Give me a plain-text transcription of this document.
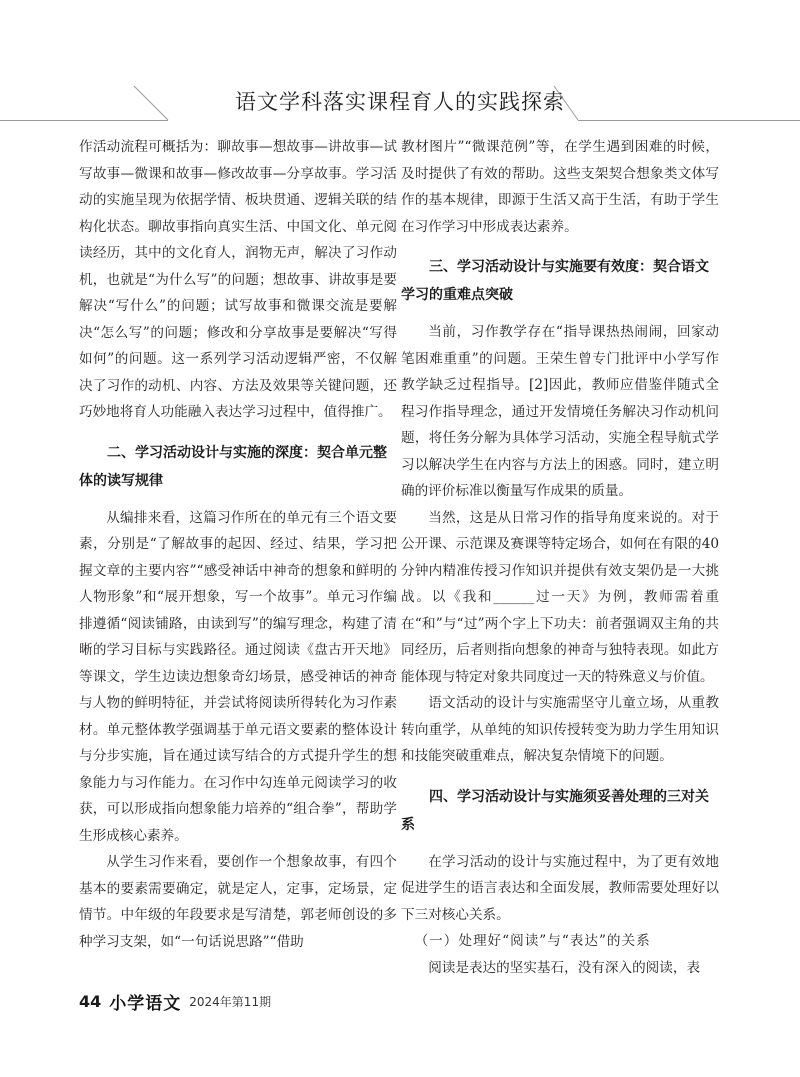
语文学科落实课程育人的实践探索

作活动流程可概括为：聊故事—想故事—讲故事—试写故事—微课和故事—修改故事—分享故事。学习活动的实施呈现为依据学情、板块贯通、逻辑关联的结构化状态。聊故事指向真实生活、中国文化、单元阅读经历，其中的文化育人，润物无声，解决了习作动机，也就是“为什么写”的问题；想故事、讲故事是要解决“写什么”的问题；试写故事和微课交流是要解决“怎么写”的问题；修改和分享故事是要解决“写得如何”的问题。这一系列学习活动逻辑严密，不仅解决了习作的动机、内容、方法及效果等关键问题，还巧妙地将育人功能融入表达学习过程中，值得推广。

二、学习活动设计与实施的深度：契合单元整体的读写规律

从编排来看，这篇习作所在的单元有三个语文要素，分别是“了解故事的起因、经过、结果，学习把握文章的主要内容”“感受神话中神奇的想象和鲜明的人物形象”和“展开想象，写一个故事”。单元习作编排遵循“阅读铺路，由读到写”的编写理念，构建了清晰的学习目标与实践路径。通过阅读《盘古开天地》等课文，学生边读边想象奇幻场景，感受神话的神奇与人物的鲜明特征，并尝试将阅读所得转化为习作素材。单元整体教学强调基于单元语文要素的整体设计与分步实施，旨在通过读写结合的方式提升学生的想象能力与习作能力。在习作中勾连单元阅读学习的收获，可以形成指向想象能力培养的“组合拳”，帮助学生形成核心素养。

从学生习作来看，要创作一个想象故事，有四个基本的要素需要确定，就是定人，定事，定场景，定情节。中年级的年段要求是写清楚，郭老师创设的多种学习支架，如“一句话说思路”“借助

教材图片”“微课范例”等，在学生遇到困难的时候，及时提供了有效的帮助。这些支架契合想象类文体写作的基本规律，即源于生活又高于生活，有助于学生在习作学习中形成表达素养。

三、学习活动设计与实施要有效度：契合语文学习的重难点突破

当前，习作教学存在“指导课热热闹闹，回家动笔困难重重”的问题。王荣生曾专门批评中小学写作教学缺乏过程指导。[2]因此，教师应借鉴伴随式全程习作指导理念，通过开发情境任务解决习作动机问题，将任务分解为具体学习活动，实施全程导航式学习以解决学生在内容与方法上的困惑。同时，建立明确的评价标准以衡量写作成果的质量。

当然，这是从日常习作的指导角度来说的。对于公开课、示范课及赛课等特定场合，如何在有限的40分钟内精准传授习作知识并提供有效支架仍是一大挑战。以《我和______过一天》为例，教师需着重在“和”与“过”两个字上下功夫：前者强调双主角的共同经历，后者则指向想象的神奇与独特表现。如此方能体现与特定对象共同度过一天的特殊意义与价值。

语文活动的设计与实施需坚守儿童立场，从重教转向重学，从单纯的知识传授转变为助力学生用知识和技能突破重难点，解决复杂情境下的问题。

四、学习活动设计与实施须妥善处理的三对关系

在学习活动的设计与实施过程中，为了更有效地促进学生的语言表达和全面发展，教师需要处理好以下三对核心关系。

（一）处理好“阅读”与“表达”的关系

阅读是表达的坚实基石，没有深入的阅读，表

44 小学语文 2024年第11期
